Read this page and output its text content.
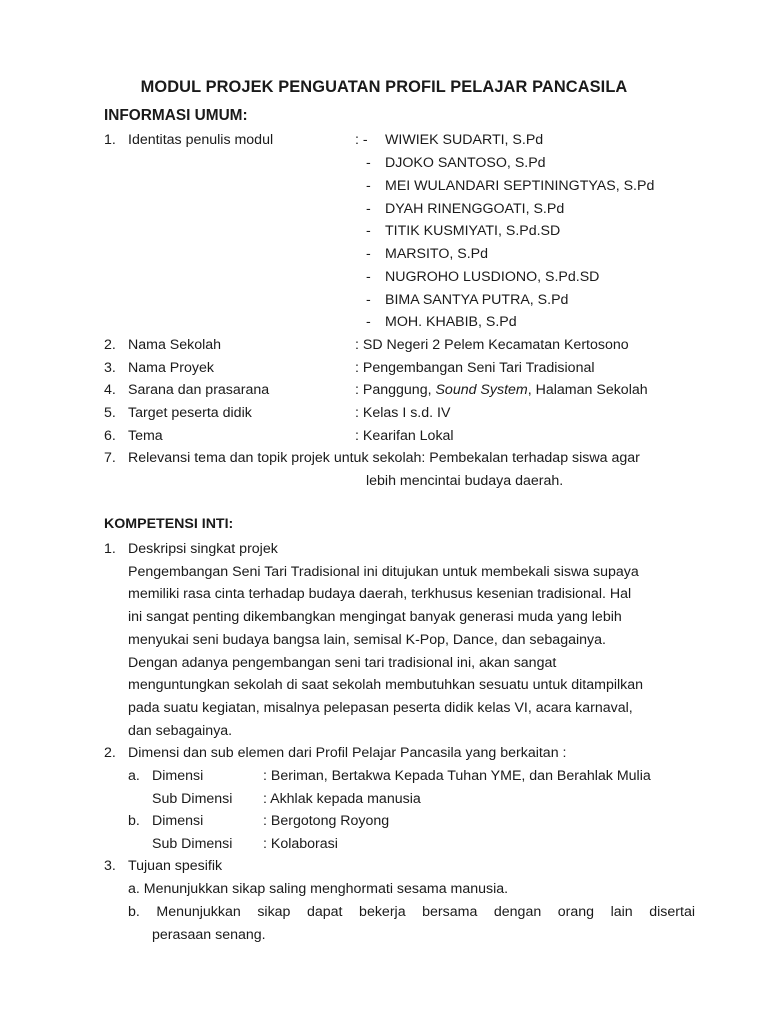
MODUL PROJEK PENGUATAN PROFIL PELAJAR PANCASILA
INFORMASI UMUM:
1. Identitas penulis modul	: - WIWIEK SUDARTI, S.Pd
- DJOKO SANTOSO, S.Pd
- MEI WULANDARI SEPTININGTYAS, S.Pd
- DYAH RINENGGOATI, S.Pd
- TITIK KUSMIYATI, S.Pd.SD
- MARSITO, S.Pd
- NUGROHO LUSDIONO, S.Pd.SD
- BIMA SANTYA PUTRA, S.Pd
- MOH. KHABIB, S.Pd
2. Nama Sekolah	: SD Negeri 2 Pelem Kecamatan Kertosono
3. Nama Proyek	: Pengembangan Seni Tari Tradisional
4. Sarana dan prasarana	: Panggung, Sound System, Halaman Sekolah
5. Target peserta didik	: Kelas I s.d. IV
6. Tema	: Kearifan Lokal
7. Relevansi tema dan topik projek untuk sekolah: Pembekalan terhadap siswa agar
lebih mencintai budaya daerah.
KOMPETENSI INTI:
1. Deskripsi singkat projek
Pengembangan Seni Tari Tradisional ini ditujukan untuk membekali siswa supaya
memiliki rasa cinta terhadap budaya daerah, terkhusus kesenian tradisional. Hal
ini sangat penting dikembangkan mengingat banyak generasi muda yang lebih
menyukai seni budaya bangsa lain, semisal K-Pop, Dance, dan sebagainya.
Dengan adanya pengembangan seni tari tradisional ini, akan sangat
menguntungkan sekolah di saat sekolah membutuhkan sesuatu untuk ditampilkan
pada suatu kegiatan, misalnya pelepasan peserta didik kelas VI, acara karnaval,
dan sebagainya.
2. Dimensi dan sub elemen dari Profil Pelajar Pancasila yang berkaitan :
a. Dimensi	: Beriman, Bertakwa Kepada Tuhan YME, dan Berahlak Mulia
Sub Dimensi : Akhlak kepada manusia
b. Dimensi	: Bergotong Royong
Sub Dimensi : Kolaborasi
3. Tujuan spesifik
a. Menunjukkan sikap saling menghormati sesama manusia.
b. Menunjukkan sikap dapat bekerja bersama dengan orang lain disertai
perasaan senang.
